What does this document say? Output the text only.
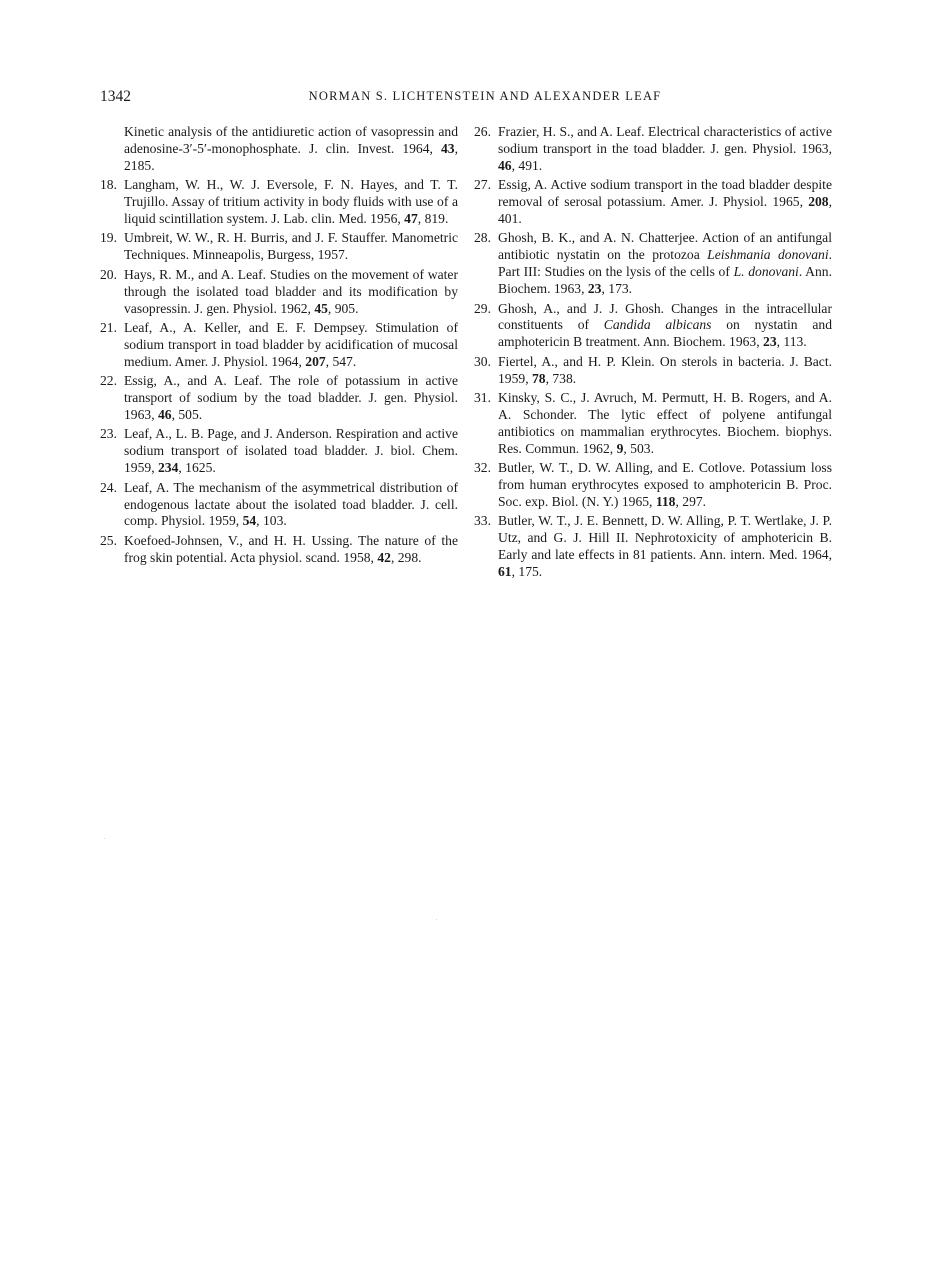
1342	NORMAN S. LICHTENSTEIN AND ALEXANDER LEAF
Kinetic analysis of the antidiuretic action of vasopressin and adenosine-3′-5′-monophosphate. J. clin. Invest. 1964, 43, 2185.
18. Langham, W. H., W. J. Eversole, F. N. Hayes, and T. T. Trujillo. Assay of tritium activity in body fluids with use of a liquid scintillation system. J. Lab. clin. Med. 1956, 47, 819.
19. Umbreit, W. W., R. H. Burris, and J. F. Stauffer. Manometric Techniques. Minneapolis, Burgess, 1957.
20. Hays, R. M., and A. Leaf. Studies on the movement of water through the isolated toad bladder and its modification by vasopressin. J. gen. Physiol. 1962, 45, 905.
21. Leaf, A., A. Keller, and E. F. Dempsey. Stimulation of sodium transport in toad bladder by acidification of mucosal medium. Amer. J. Physiol. 1964, 207, 547.
22. Essig, A., and A. Leaf. The role of potassium in active transport of sodium by the toad bladder. J. gen. Physiol. 1963, 46, 505.
23. Leaf, A., L. B. Page, and J. Anderson. Respiration and active sodium transport of isolated toad bladder. J. biol. Chem. 1959, 234, 1625.
24. Leaf, A. The mechanism of the asymmetrical distribution of endogenous lactate about the isolated toad bladder. J. cell. comp. Physiol. 1959, 54, 103.
25. Koefoed-Johnsen, V., and H. H. Ussing. The nature of the frog skin potential. Acta physiol. scand. 1958, 42, 298.
26. Frazier, H. S., and A. Leaf. Electrical characteristics of active sodium transport in the toad bladder. J. gen. Physiol. 1963, 46, 491.
27. Essig, A. Active sodium transport in the toad bladder despite removal of serosal potassium. Amer. J. Physiol. 1965, 208, 401.
28. Ghosh, B. K., and A. N. Chatterjee. Action of an antifungal antibiotic nystatin on the protozoa Leishmania donovani. Part III: Studies on the lysis of the cells of L. donovani. Ann. Biochem. 1963, 23, 173.
29. Ghosh, A., and J. J. Ghosh. Changes in the intracellular constituents of Candida albicans on nystatin and amphotericin B treatment. Ann. Biochem. 1963, 23, 113.
30. Fiertel, A., and H. P. Klein. On sterols in bacteria. J. Bact. 1959, 78, 738.
31. Kinsky, S. C., J. Avruch, M. Permutt, H. B. Rogers, and A. A. Schonder. The lytic effect of polyene antifungal antibiotics on mammalian erythrocytes. Biochem. biophys. Res. Commun. 1962, 9, 503.
32. Butler, W. T., D. W. Alling, and E. Cotlove. Potassium loss from human erythrocytes exposed to amphotericin B. Proc. Soc. exp. Biol. (N. Y.) 1965, 118, 297.
33. Butler, W. T., J. E. Bennett, D. W. Alling, P. T. Wertlake, J. P. Utz, and G. J. Hill II. Nephrotoxicity of amphotericin B. Early and late effects in 81 patients. Ann. intern. Med. 1964, 61, 175.
